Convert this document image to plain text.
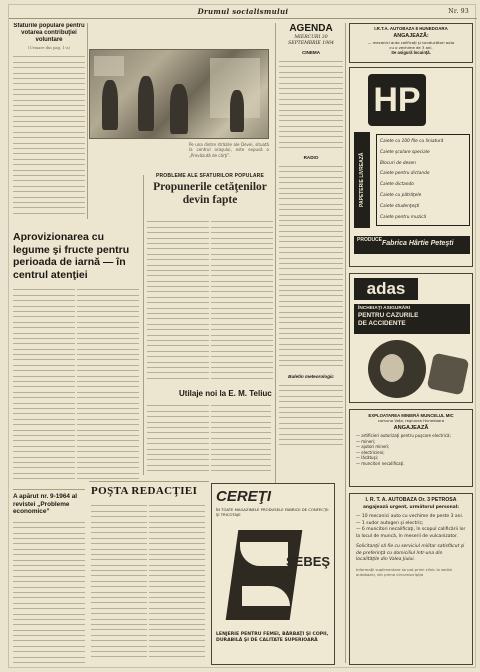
Drumul socialismului	Nr. 93
Sfaturile populare pentru votarea contribuţiei voluntare
(Urmare din pag. 1-a)
Pe una dintre străzile ale Devei, situată la centrul oraşului, este expusă o „Prevăzută de cărţi”.
Aprovizionarea cu legume şi fructe pentru perioada de iarnă — în centrul atenţiei
A apărut nr. 9-1964 al revistei „Probleme economice”
PROBLEME ALE SFATURILOR POPULARE
Propunerile cetăţenilor devin fapte
Utilaje noi la E. M. Teliuc
POŞTA REDACŢIEI CEREŢI
ÎN TOATE MAGAZINELE PRODUSELE FABRICII DE CONFECŢII ŞI TRICOTAJE
SEBEŞ
LENJERIE PENTRU FEMEI, BĂRBAŢI ŞI COPII, DURABILĂ ŞI DE CALITATE SUPERIOARĂ
AGENDA
MIERCURI 30 SEPTEMBRIE 1964
CINEMA
RADIO
Buletin meteorologic
I.R.T.A. AUTOBAZA 8 HUNEDOARA
ANGAJEAZĂ:
— mecanici auto calificaţi şi conducători auto
cu o vechime de 3 ani.
Se asigură locuinţă.
HP
PAPETERIE LIVREAZĂ
Caiete cu 100 file cu liniatură
Caiete şcolare speciale
Blocuri de desen
Caiete pentru dictando
Caiete dictando
Caiete cu pătrăţele
Caiete studenţeşti
Caiete pentru muzică
PRODUCE Fabrica Hârtie Peteşti
adas
ÎNCHEIAŢI ASIGURĂRI
PENTRU CAZURILE
DE ACCIDENTE
EXPLOATAREA MINIERĂ MUNCELUL MIC
comuna Vaţa, regiunea Hunedoara
ANGAJEAZĂ
— artificieri autorizaţi pentru puşcare electrică;
— mineri;
— ajutori mineri;
— electricieni;
— lăcătuşi;
— muncitori necalificaţi.
I. R. T. A. AUTOBAZA Or. 3 PETROSA
angajează urgent, următorul personal:
— 10 mecanici auto cu vechime de peste 3 ani.
— 1 sudor autogen şi electric;
— 6 muncitori necalificaţi, în scopul calificării lor la locul de muncă, în meserii de vulcanizator.
Solicitanţii să fie cu serviciul militar satisfăcut şi de preferinţă cu domiciliul într-una din localităţile din Valea Jiului.
Informaţii suplimentare se pot primi zilnic la sediul autobazei, din prima circumscripţia
